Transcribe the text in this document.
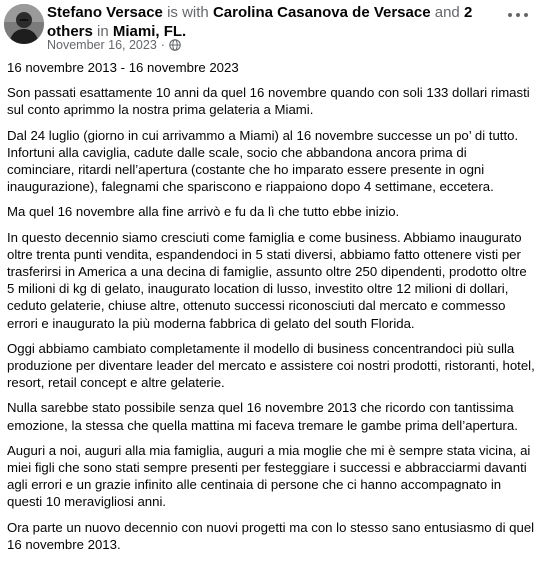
Stefano Versace is with Carolina Casanova de Versace and 2 others in Miami, FL.
November 16, 2023 ·

16 novembre 2013 - 16 novembre 2023

Son passati esattamente 10 anni da quel 16 novembre quando con soli 133 dollari rimasti sul conto aprimmo la nostra prima gelateria a Miami.

Dal 24 luglio (giorno in cui arrivammo a Miami) al 16 novembre successe un po’ di tutto. Infortuni alla caviglia, cadute dalle scale, socio che abbandona ancora prima di cominciare, ritardi nell’apertura (costante che ho imparato essere presente in ogni inaugurazione), falegnami che spariscono e riappaiono dopo 4 settimane, eccetera.

Ma quel 16 novembre alla fine arrivò e fu da lì che tutto ebbe inizio.

In questo decennio siamo cresciuti come famiglia e come business. Abbiamo inaugurato oltre trenta punti vendita, espandendoci in 5 stati diversi, abbiamo fatto ottenere visti per trasferirsi in America a una decina di famiglie, assunto oltre 250 dipendenti, prodotto oltre 5 milioni di kg di gelato, inaugurato location di lusso, investito oltre 12 milioni di dollari, ceduto gelaterie, chiuse altre, ottenuto successi riconosciuti dal mercato e commesso errori e inaugurato la più moderna fabbrica di gelato del south Florida.

Oggi abbiamo cambiato completamente il modello di business concentrandoci più sulla produzione per diventare leader del mercato e assistere coi nostri prodotti, ristoranti, hotel, resort, retail concept e altre gelaterie.

Nulla sarebbe stato possibile senza quel 16 novembre 2013 che ricordo con tantissima emozione, la stessa che quella mattina mi faceva tremare le gambe prima dell’apertura.

Auguri a noi, auguri alla mia famiglia, auguri a mia moglie che mi è sempre stata vicina, ai miei figli che sono stati sempre presenti per festeggiare i successi e abbracciarmi davanti agli errori e un grazie infinito alle centinaia di persone che ci hanno accompagnato in questi 10 meravigliosi anni.

Ora parte un nuovo decennio con nuovi progetti ma con lo stesso sano entusiasmo di quel 16 novembre 2013.
